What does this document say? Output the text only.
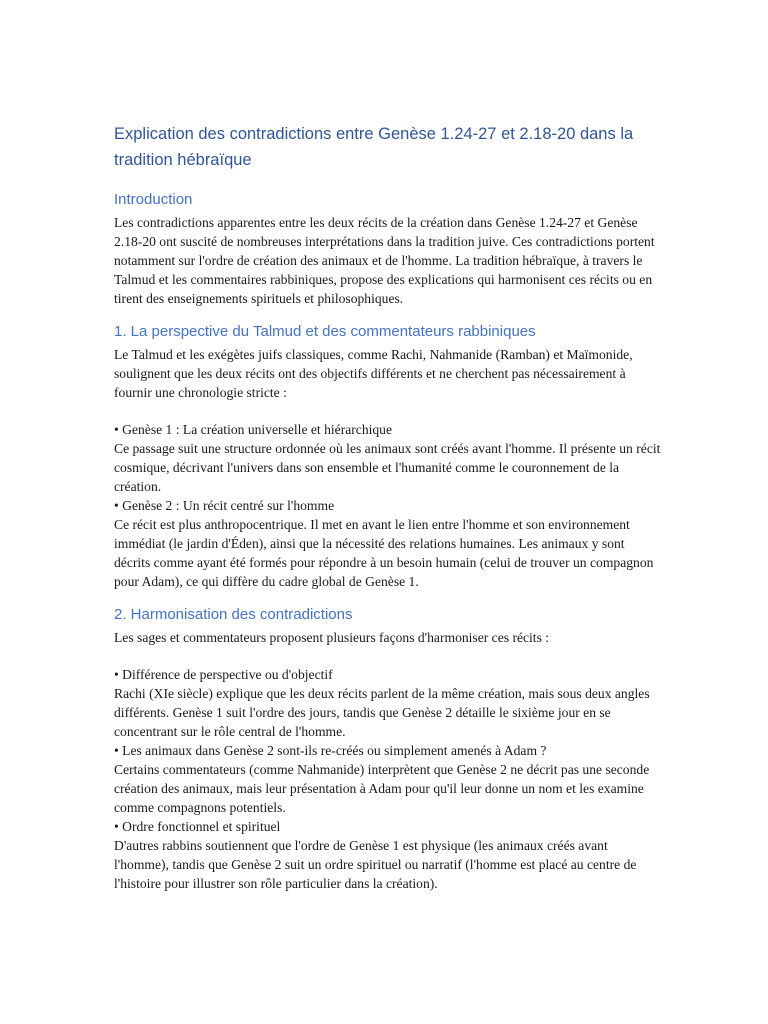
Explication des contradictions entre Genèse 1.24-27 et 2.18-20 dans la tradition hébraïque
Introduction

Les contradictions apparentes entre les deux récits de la création dans Genèse 1.24-27 et Genèse 2.18-20 ont suscité de nombreuses interprétations dans la tradition juive. Ces contradictions portent notamment sur l'ordre de création des animaux et de l'homme. La tradition hébraïque, à travers le Talmud et les commentaires rabbiniques, propose des explications qui harmonisent ces récits ou en tirent des enseignements spirituels et philosophiques.

1. La perspective du Talmud et des commentateurs rabbiniques

Le Talmud et les exégètes juifs classiques, comme Rachi, Nahmanide (Ramban) et Maïmonide, soulignent que les deux récits ont des objectifs différents et ne cherchent pas nécessairement à fournir une chronologie stricte :

• Genèse 1 : La création universelle et hiérarchique

Ce passage suit une structure ordonnée où les animaux sont créés avant l'homme. Il présente un récit cosmique, décrivant l'univers dans son ensemble et l'humanité comme le couronnement de la création.

• Genèse 2 : Un récit centré sur l'homme

Ce récit est plus anthropocentrique. Il met en avant le lien entre l'homme et son environnement immédiat (le jardin d'Éden), ainsi que la nécessité des relations humaines. Les animaux y sont décrits comme ayant été formés pour répondre à un besoin humain (celui de trouver un compagnon pour Adam), ce qui diffère du cadre global de Genèse 1.

2. Harmonisation des contradictions

Les sages et commentateurs proposent plusieurs façons d'harmoniser ces récits :

• Différence de perspective ou d'objectif

Rachi (XIe siècle) explique que les deux récits parlent de la même création, mais sous deux angles différents. Genèse 1 suit l'ordre des jours, tandis que Genèse 2 détaille le sixième jour en se concentrant sur le rôle central de l'homme.

• Les animaux dans Genèse 2 sont-ils re-créés ou simplement amenés à Adam ?

Certains commentateurs (comme Nahmanide) interprètent que Genèse 2 ne décrit pas une seconde création des animaux, mais leur présentation à Adam pour qu'il leur donne un nom et les examine comme compagnons potentiels.

• Ordre fonctionnel et spirituel

D'autres rabbins soutiennent que l'ordre de Genèse 1 est physique (les animaux créés avant l'homme), tandis que Genèse 2 suit un ordre spirituel ou narratif (l'homme est placé au centre de l'histoire pour illustrer son rôle particulier dans la création).
